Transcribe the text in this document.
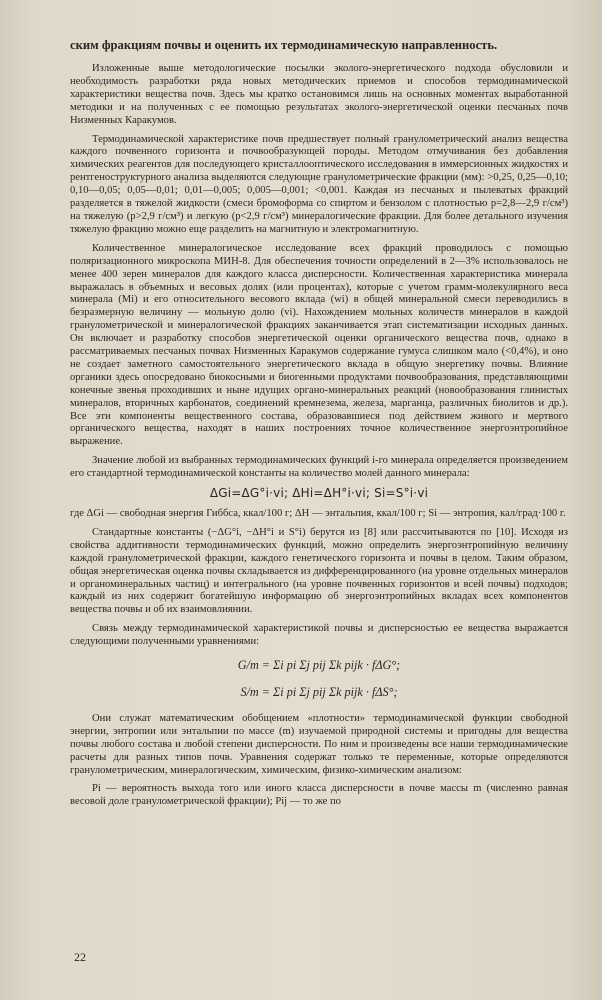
ским фракциям почвы и оценить их термодинамическую направленность.

Изложенные выше методологические посылки эколого-энергетического подхода обусловили и необходимость разработки ряда новых методических приемов и способов термодинамической характеристики вещества почв. Здесь мы кратко остановимся лишь на основных моментах выработанной методики и на полученных с ее помощью результатах эколого-энергетической оценки песчаных почв Низменных Каракумов.

Термодинамической характеристике почв предшествует полный гранулометрический анализ вещества каждого почвенного горизонта и почвообразующей породы. Методом отмучивания без добавления химических реагентов для последующего кристаллооптического исследования в иммерсионных жидкостях и рентгеноструктурного анализа выделяются следующие гранулометрические фракции (мм): >0,25, 0,25—0,10; 0,10—0,05; 0,05—0,01; 0,01—0,005; 0,005—0,001; <0,001. Каждая из песчаных и пылеватых фракций разделяется в тяжелой жидкости (смеси бромоформа со спиртом и бензолом с плотностью p=2,8—2,9 г/см³) на тяжелую (p>2,9 г/см³) и легкую (p<2,9 г/см³) минералогические фракции. Для более детального изучения тяжелую фракцию можно еще разделить на магнитную и электромагнитную.

Количественное минералогическое исследование всех фракций проводилось с помощью поляризационного микроскопа МИН-8. Для обеспечения точности определений в 2—3% использовалось не менее 400 зерен минералов для каждого класса дисперсности. Количественная характеристика минерала выражалась в объемных и весовых долях (или процентах), которые с учетом грамм-молекулярного веса минерала (Mi) и его относительного весового вклада (wi) в общей минеральной смеси переводились в безразмерную величину — мольную долю (vi). Нахождением мольных количеств минералов в каждой гранулометрической и минералогической фракциях заканчивается этап систематизации исходных данных. Он включает и разработку способов энергетической оценки органического вещества почв, однако в рассматриваемых песчаных почвах Низменных Каракумов содержание гумуса слишком мало (<0,4%), и оно не создает заметного самостоятельного энергетического вклада в общую энергетику почвы. Влияние органики здесь опосредовано биокосными и биогенными продуктами почвообразования, представляющими конечные звенья проходивших и ныне идущих органо-минеральных реакций (новообразования глинистых минералов, вторичных карбонатов, соединений кремнезема, железа, марганца, различных биолитов и др.). Все эти компоненты вещественного состава, образовавшиеся под действием живого и мертвого органического вещества, находят в наших построениях точное количественное энергоэнтропийное выражение.

Значение любой из выбранных термодинамических функций i-го минерала определяется произведением его стандартной термодинамической константы на количество молей данного минерала:

ΔGi=ΔG°i·vi; ΔHi=ΔH°i·vi; Si=S°i·vi

где ΔGi — свободная энергия Гиббса, ккал/100 г; ΔH — энтальпия, ккал/100 г; Si — энтропия, кал/град·100 г.

Стандартные константы (−ΔG°i, −ΔH°i и S°i) берутся из [8] или рассчитываются по [10]. Исходя из свойства аддитивности термодинамических функций, можно определить энергоэнтропийную величину каждой гранулометрической фракции, каждого генетического горизонта и почвы в целом. Таким образом, общая энергетическая оценка почвы складывается из дифференцированного (на уровне отдельных минералов и органоминеральных частиц) и интегрального (на уровне почвенных горизонтов и всей почвы) подходов; каждый из них содержит богатейшую информацию об энергоэнтропийных вкладах всех компонентов вещества почвы и об их взаимовлиянии.

Связь между термодинамической характеристикой почвы и дисперсностью ее вещества выражается следующими полученными уравнениями:

G/m = Σi pi Σj pij Σk pijk · fΔG°;
S/m = Σi pi Σj pij Σk pijk · fΔS°;

Они служат математическим обобщением «плотности» термодинамической функции свободной энергии, энтропии или энтальпии по массе (m) изучаемой природной системы и пригодны для вещества почвы любого состава и любой степени дисперсности. По ним и произведены все наши термодинамические расчеты для разных типов почв. Уравнения содержат только те переменные, которые определяются гранулометрическим, минералогическим, химическим, физико-химическим анализом:

Pi — вероятность выхода того или иного класса дисперсности в почве массы m (численно равная весовой доле гранулометрической фракции); Pij — то же по

22
